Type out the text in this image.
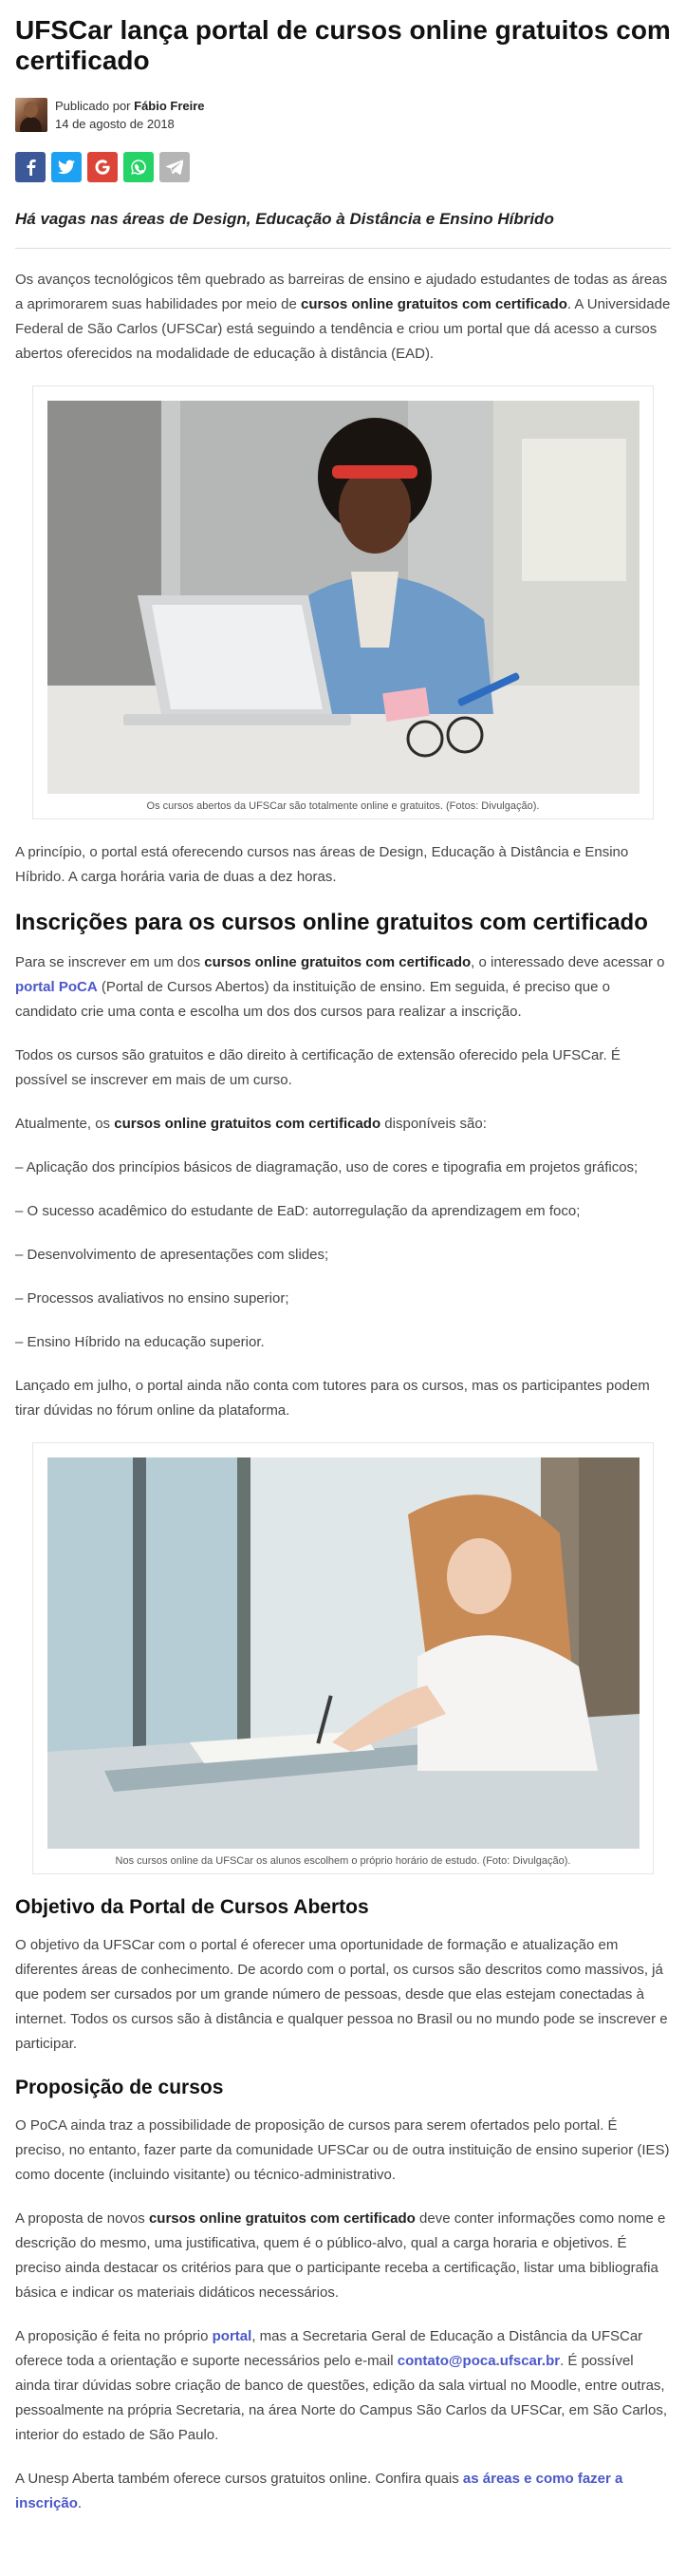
UFSCar lança portal de cursos online gratuitos com certificado
Publicado por Fábio Freire
14 de agosto de 2018

Há vagas nas áreas de Design, Educação à Distância e Ensino Híbrido

Os avanços tecnológicos têm quebrado as barreiras de ensino e ajudado estudantes de todas as áreas a aprimorarem suas habilidades por meio de cursos online gratuitos com certificado. A Universidade Federal de São Carlos (UFSCar) está seguindo a tendência e criou um portal que dá acesso a cursos abertos oferecidos na modalidade de educação à distância (EAD).

Os cursos abertos da UFSCar são totalmente online e gratuitos. (Fotos: Divulgação).

A princípio, o portal está oferecendo cursos nas áreas de Design, Educação à Distância e Ensino Híbrido. A carga horária varia de duas a dez horas.

Inscrições para os cursos online gratuitos com certificado

Para se inscrever em um dos cursos online gratuitos com certificado, o interessado deve acessar o portal PoCA (Portal de Cursos Abertos) da instituição de ensino. Em seguida, é preciso que o candidato crie uma conta e escolha um dos dos cursos para realizar a inscrição.

Todos os cursos são gratuitos e dão direito à certificação de extensão oferecido pela UFSCar. É possível se inscrever em mais de um curso.

Atualmente, os cursos online gratuitos com certificado disponíveis são:

– Aplicação dos princípios básicos de diagramação, uso de cores e tipografia em projetos gráficos;

– O sucesso acadêmico do estudante de EaD: autorregulação da aprendizagem em foco;

– Desenvolvimento de apresentações com slides;

– Processos avaliativos no ensino superior;

– Ensino Híbrido na educação superior.

Lançado em julho, o portal ainda não conta com tutores para os cursos, mas os participantes podem tirar dúvidas no fórum online da plataforma.

Nos cursos online da UFSCar os alunos escolhem o próprio horário de estudo. (Foto: Divulgação).
Objetivo da Portal de Cursos Abertos

O objetivo da UFSCar com o portal é oferecer uma oportunidade de formação e atualização em diferentes áreas de conhecimento. De acordo com o portal, os cursos são descritos como massivos, já que podem ser cursados por um grande número de pessoas, desde que elas estejam conectadas à internet. Todos os cursos são à distância e qualquer pessoa no Brasil ou no mundo pode se inscrever e participar.

Proposição de cursos

O PoCA ainda traz a possibilidade de proposição de cursos para serem ofertados pelo portal. É preciso, no entanto, fazer parte da comunidade UFSCar ou de outra instituição de ensino superior (IES) como docente (incluindo visitante) ou técnico-administrativo.

A proposta de novos cursos online gratuitos com certificado deve conter informações como nome e descrição do mesmo, uma justificativa, quem é o público-alvo, qual a carga horaria e objetivos. É preciso ainda destacar os critérios para que o participante receba a certificação, listar uma bibliografia básica e indicar os materiais didáticos necessários.

A proposição é feita no próprio portal, mas a Secretaria Geral de Educação a Distância da UFSCar oferece toda a orientação e suporte necessários pelo e-mail contato@poca.ufscar.br. É possível ainda tirar dúvidas sobre criação de banco de questões, edição da sala virtual no Moodle, entre outras, pessoalmente na própria Secretaria, na área Norte do Campus São Carlos da UFSCar, em São Carlos, interior do estado de São Paulo.

A Unesp Aberta também oferece cursos gratuitos online. Confira quais as áreas e como fazer a inscrição.
